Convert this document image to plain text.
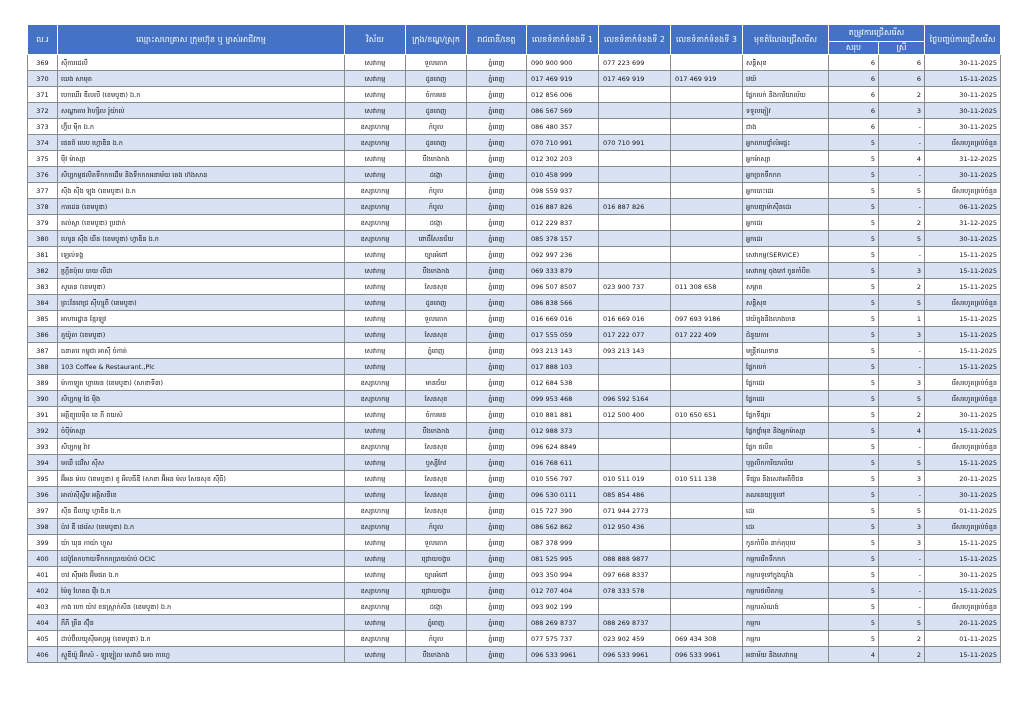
ល.រ	ឈ្មោះសហគ្រាស ក្រុមហ៊ុន ឬ ម្ចាស់អាជីវកម្ម	វិស័យ	ក្រុង/ខណ្ឌ/ស្រុក	រាជធានី/ខេត្ត	លេខទំនាក់ទំនងទី 1	លេខទំនាក់ទំនងទី 2	លេខទំនាក់ទំនងទី 3	មុខតំណែងជ្រើសរើស	តម្រូវការជ្រើសរើស		ថ្ងៃបញ្ចប់ការជ្រើសរើស
									សរុប	ស្រី	
369	ស៊ីការដេលី	សេវាកម្ម	ទួលគោក	ភ្នំពេញ	090 900 900	077 223 699		សន្តិសុខ	6	6	30-11-2025
370	ឃេង សាមុត	សេវាកម្ម	ដូនពេញ	ភ្នំពេញ	017 469 919	017 469 919	017 469 919	វេយ៍	6	6	15-11-2025
371	បេកឃើរ ឌីលលី (ខេមបូឌា) ឯ.ក	សេវាកម្ម	ចំការមន	ភ្នំពេញ	012 856 006			ផ្នែកលក់ និងការិយាល័យ	6	2	30-11-2025
372	សណ្ឋាគារ វ៉ាហ្សិល រ៉ូយ៉ាល់	សេវាកម្ម	ដូនពេញ	ភ្នំពេញ	086 567 569			ទទួលភ្ញៀវ	6	3	30-11-2025
373	ហ្វ៊ីប ម៉ីក ឯ.ក	ឧស្សាហកម្ម	កំបូល	ភ្នំពេញ	086 480 357			ជាង	6	-	30-11-2025
374	ផេនថ៍ លេប ហ្គោឌិន ឯ.ក	ឧស្សាហកម្ម	ដូនពេញ	ភ្នំពេញ	070 710 991	070 710 991		អ្នកលាបថ្នាំលំអផ្ទះ	5	-	រើសរហូតគ្រប់ចំនួន
375	ម៉ីវ ម៉ាស្សា	សេវាកម្ម	បឹងកេងកង	ភ្នំពេញ	012 302 203			អ្នកម៉ាស្សា	5	4	31-12-2025
376	សិប្បកម្មផលិតទឹកកកដើម និងទឹកកកអនាម័យ គេង ហ៊ងសាន	សេវាកម្ម	ដង្កោ	ភ្នំពេញ	010 458 999			អ្នកច្រកទឹកកក	5	-	30-11-2025
377	ស៊ីង ស៊ីង ឡុង (ខេមបូឌា) ឯ.ក	ឧស្សាហកម្ម	កំបូល	ភ្នំពេញ	098 559 937			អ្នកបោះដេរ	5	5	រើសរហូតគ្រប់ចំនួន
378	ការដេន (ខេមបូឌា)	ឧស្សាហកម្ម	កំបូល	ភ្នំពេញ	016 887 826	016 887 826		អ្នកបញ្ជាម៉ាស៊ីនដេរ	5	-	06-11-2025
379	គល់ស្លា (ខេមបូឌា) ប្រដាក់	ឧស្សាហកម្ម	ដង្កោ	ភ្នំពេញ	012 229 837			អ្នកដេរ	5	2	31-12-2025
380	ហេរូន ស៊ីង ឃីន (ខេមបូឌា) ហ្វាឌិន ឯ.ក	ឧស្សាហកម្ម	ពោធិ៍សែនជ័យ	ភ្នំពេញ	085 378 157			អ្នកដេរ	5	5	30-11-2025
381	ឡេល់ទង្គ	សេវាកម្ម	ច្បារអំពៅ	ភ្នំពេញ	092 997 236			សេវាកម្ម(SERVICE)	5	-	15-11-2025
382	ហ្គ្រីនប៉ុល បាយ លីដា	សេវាកម្ម	បឹងកេងកង	ភ្នំពេញ	069 333 879			សេវាកម្ម ចុងភៅ កូនកាំបិត	5	3	15-11-2025
383	សូគេន (ខេមបូឌា)	សេវាកម្ម	សែនសុខ	ភ្នំពេញ	096 507 8507	023 900 737	011 308 658	សម្អាត	5	2	15-11-2025
384	ព្រះវ័នពេជ្រ ស៊ីហ្សូពី (ខេមបូឌា)	សេវាកម្ម	ដូនពេញ	ភ្នំពេញ	086 838 566			សន្តិសុខ	5	5	រើសរហូតគ្រប់ចំនួន
385	អាហារដ្ឋាន ខ្មែរឡូវ	សេវាកម្ម	ទួលគោក	ភ្នំពេញ	016 669 016	016 669 016	097 693 9186	វេយ៍ក្នុងនិងលាងចាន	5	1	15-11-2025
386	តួយ៉ូតា (ខេមបូឌា)	សេវាកម្ម	សែនសុខ	ភ្នំពេញ	017 555 059	017 222 077	017 222 409	ជំនួយការ	5	3	15-11-2025
387	ធនាគារ កម្ពុជា អាស៊ី ចំកាត់	សេវាកម្ម	ភ្នំពេញ	ភ្នំពេញ	093 213 143	093 213 143		មន្ត្រីឥណទាន	5	-	15-11-2025
388	103 Coffee & Restaurant.,Plc	សេវាកម្ម		ភ្នំពេញ	017 888 103			ផ្នែកលក់	5	-	15-11-2025
389	ម៉ាកាឡូត ហ្គាមេន (ខេមបូឌា) (សាខាទី៣)	ឧស្សាហកម្ម	មានជ័យ	ភ្នំពេញ	012 684 538			ផ្នែកដេរ	5	3	រើសរហូតគ្រប់ចំនួន
390	សិប្បកម្ម ជៃ ម៉ិង	ឧស្សាហកម្ម	សែនសុខ	ភ្នំពេញ	099 953 468	096 592 5164		ផ្នែកដេរ	5	5	រើសរហូតគ្រប់ចំនួន
391	អគ្គីខ្យូបេម៉ិត ខេ ភី ពយស៍	សេវាកម្ម	ចំការមន	ភ្នំពេញ	010 881 881	012 500 400	010 650 651	ផ្នែកទីផ្សារ	5	2	30-11-2025
392	ចំប៉ីម៉ាស្សា	សេវាកម្ម	បឹងកេងកង	ភ្នំពេញ	012 988 373			ផ្នែកថ្នាំមុខ និងអ្នកម៉ាស្សា	5	4	15-11-2025
393	សិប្បកម្ម វ៉ាវ	ឧស្សាហកម្ម	សែនសុខ	ភ្នំពេញ	096 624 8849			ផ្នែក ផលិត	5	-	រើសរហូតគ្រប់ចំនួន
394	មឈឺ ដេវីស ស៊ីស	សេវាកម្ម	ឫស្សីកែវ	ភ្នំពេញ	016 768 611			បុគ្គលិកការិយាល័យ	5	5	15-11-2025
395	អ៊ីអន ម៉ល (ខេមបូឌា) ខូ អិលធីឌី (សាខា អ៊ីអន ម៉ល សែនសុខ ស៊ីធី)	សេវាកម្ម	សែនសុខ	ភ្នំពេញ	010 556 797	010 511 019	010 511 138	ទីផ្សារ និងសេវាអតិថិជន	5	3	20-11-2025
396	អាល់ស៊ីស្ទីម អគ្គិសនីខេ	សេវាកម្ម	សែនសុខ	ភ្នំពេញ	096 530 0111	085 854 486		គណនេយ្យទូទៅ	5	-	30-11-2025
397	ស៊ីន ជីលឃ្វ ហ្វាឌិន ឯ.ក	ឧស្សាហកម្ម	សែនសុខ	ភ្នំពេញ	015 727 390	071 944 2773		ដេរ	5	5	01-11-2025
398	ប៉ាវ ឌី ផេរ៉េស (ខេមបូឌា) ឯ.ក	ឧស្សាហកម្ម	កំបូល	ភ្នំពេញ	086 562 862	012 950 436		ដេរ	5	3	រើសរហូតគ្រប់ចំនួន
399	យ៉ា ឃុន កាយ៉ា ហ្វូស	សេវាកម្ម	ទួលគោក	ភ្នំពេញ	087 378 999			កូនកាំបិត នាក់តុបុល	5	3	15-11-2025
400	ដេប៉ូតែកហាយទឹកកកប្រាយប៉ាប់ OCIC	សេវាកម្ម	ជ្រោយចង្វារ	ភ្នំពេញ	081 525 995	088 888 9877		កម្មកររើកទឹកកក	5	-	15-11-2025
401	ចាវ ស៊ីអេង អ៊ីមផត ឯ.ក	សេវាកម្ម	ច្បារអំពៅ	ភ្នំពេញ	093 350 994	097 668 8337		កម្មករទូទៅក្នុងឃ្លាំង	5	-	30-11-2025
402	ម៉ៃតូ ហែតធ វ៉ើរ ឯ.ក	ឧស្សាហកម្ម	ជ្រោយចង្វារ	ភ្នំពេញ	012 707 404	078 333 578		កម្មករផលិតកម្ម	5	-	15-11-2025
403	កាង ហោ យ៉ាវ ខនស្ត្រាក់សិន (ខេមបូឌា) ឯ.ក	ឧស្សាហកម្ម	ដង្កោ	ភ្នំពេញ	093 902 199			កម្មករសំណង់	5	-	រើសរហូតគ្រប់ចំនួន
404	ភីភី គ្រីន ស៊ុីន	សេវាកម្ម	ភ្នំពេញ	ភ្នំពេញ	088 269 8737	088 269 8737		កម្មករ	5	5	20-11-2025
405	ដាប់ប៊ីលយូស៊ីអេហ្វអូ (ខេមបូឌា) ឯ.ក	ឧស្សាហកម្ម	កំបូល	ភ្នំពេញ	077 575 737	023 902 459	069 434 308	កម្មករ	5	2	01-11-2025
406	ស្ទូឌីយ៉ូ អ៊ិកស៍ - ឡូឡៀល សេវាដ៏ អេច កាហ្វេ	សេវាកម្ម	បឹងកេងកង	ភ្នំពេញ	096 533 9961	096 533 9961	096 533 9961	អនាម័យ និងសេវាកម្ម	4	2	15-11-2025
